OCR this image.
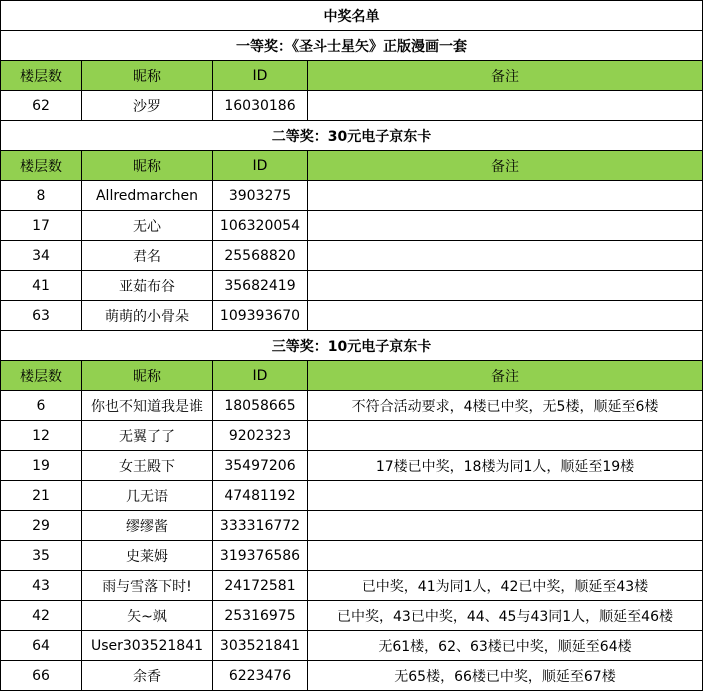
中奖名单			
一等奖：《圣斗士星矢》正版漫画一套			
楼层数	昵称	ID	备注
62	沙罗	16030186	
二等奖：30元电子京东卡			
楼层数	昵称	ID	备注
8	Allredmarchen	3903275	
17	无心	106320054	
34	君名	25568820	
41	亚茹布谷	35682419	
63	萌萌的小骨朵	109393670	
三等奖：10元电子京东卡			
楼层数	昵称	ID	备注
6	你也不知道我是谁	18058665	不符合活动要求，4楼已中奖，无5楼，顺延至6楼
12	无翼了了	9202323	
19	女王殿下	35497206	17楼已中奖，18楼为同1人，顺延至19楼
21	几无语	47481192	
29	缪缪酱	333316772	
35	史莱姆	319376586	
43	雨与雪落下时!	24172581	已中奖，41为同1人，42已中奖，顺延至43楼
42	矢~飒	25316975	已中奖，43已中奖，44、45与43同1人，顺延至46楼
64	User303521841	303521841	无61楼，62、63楼已中奖，顺延至64楼
66	余香	6223476	无65楼，66楼已中奖，顺延至67楼
